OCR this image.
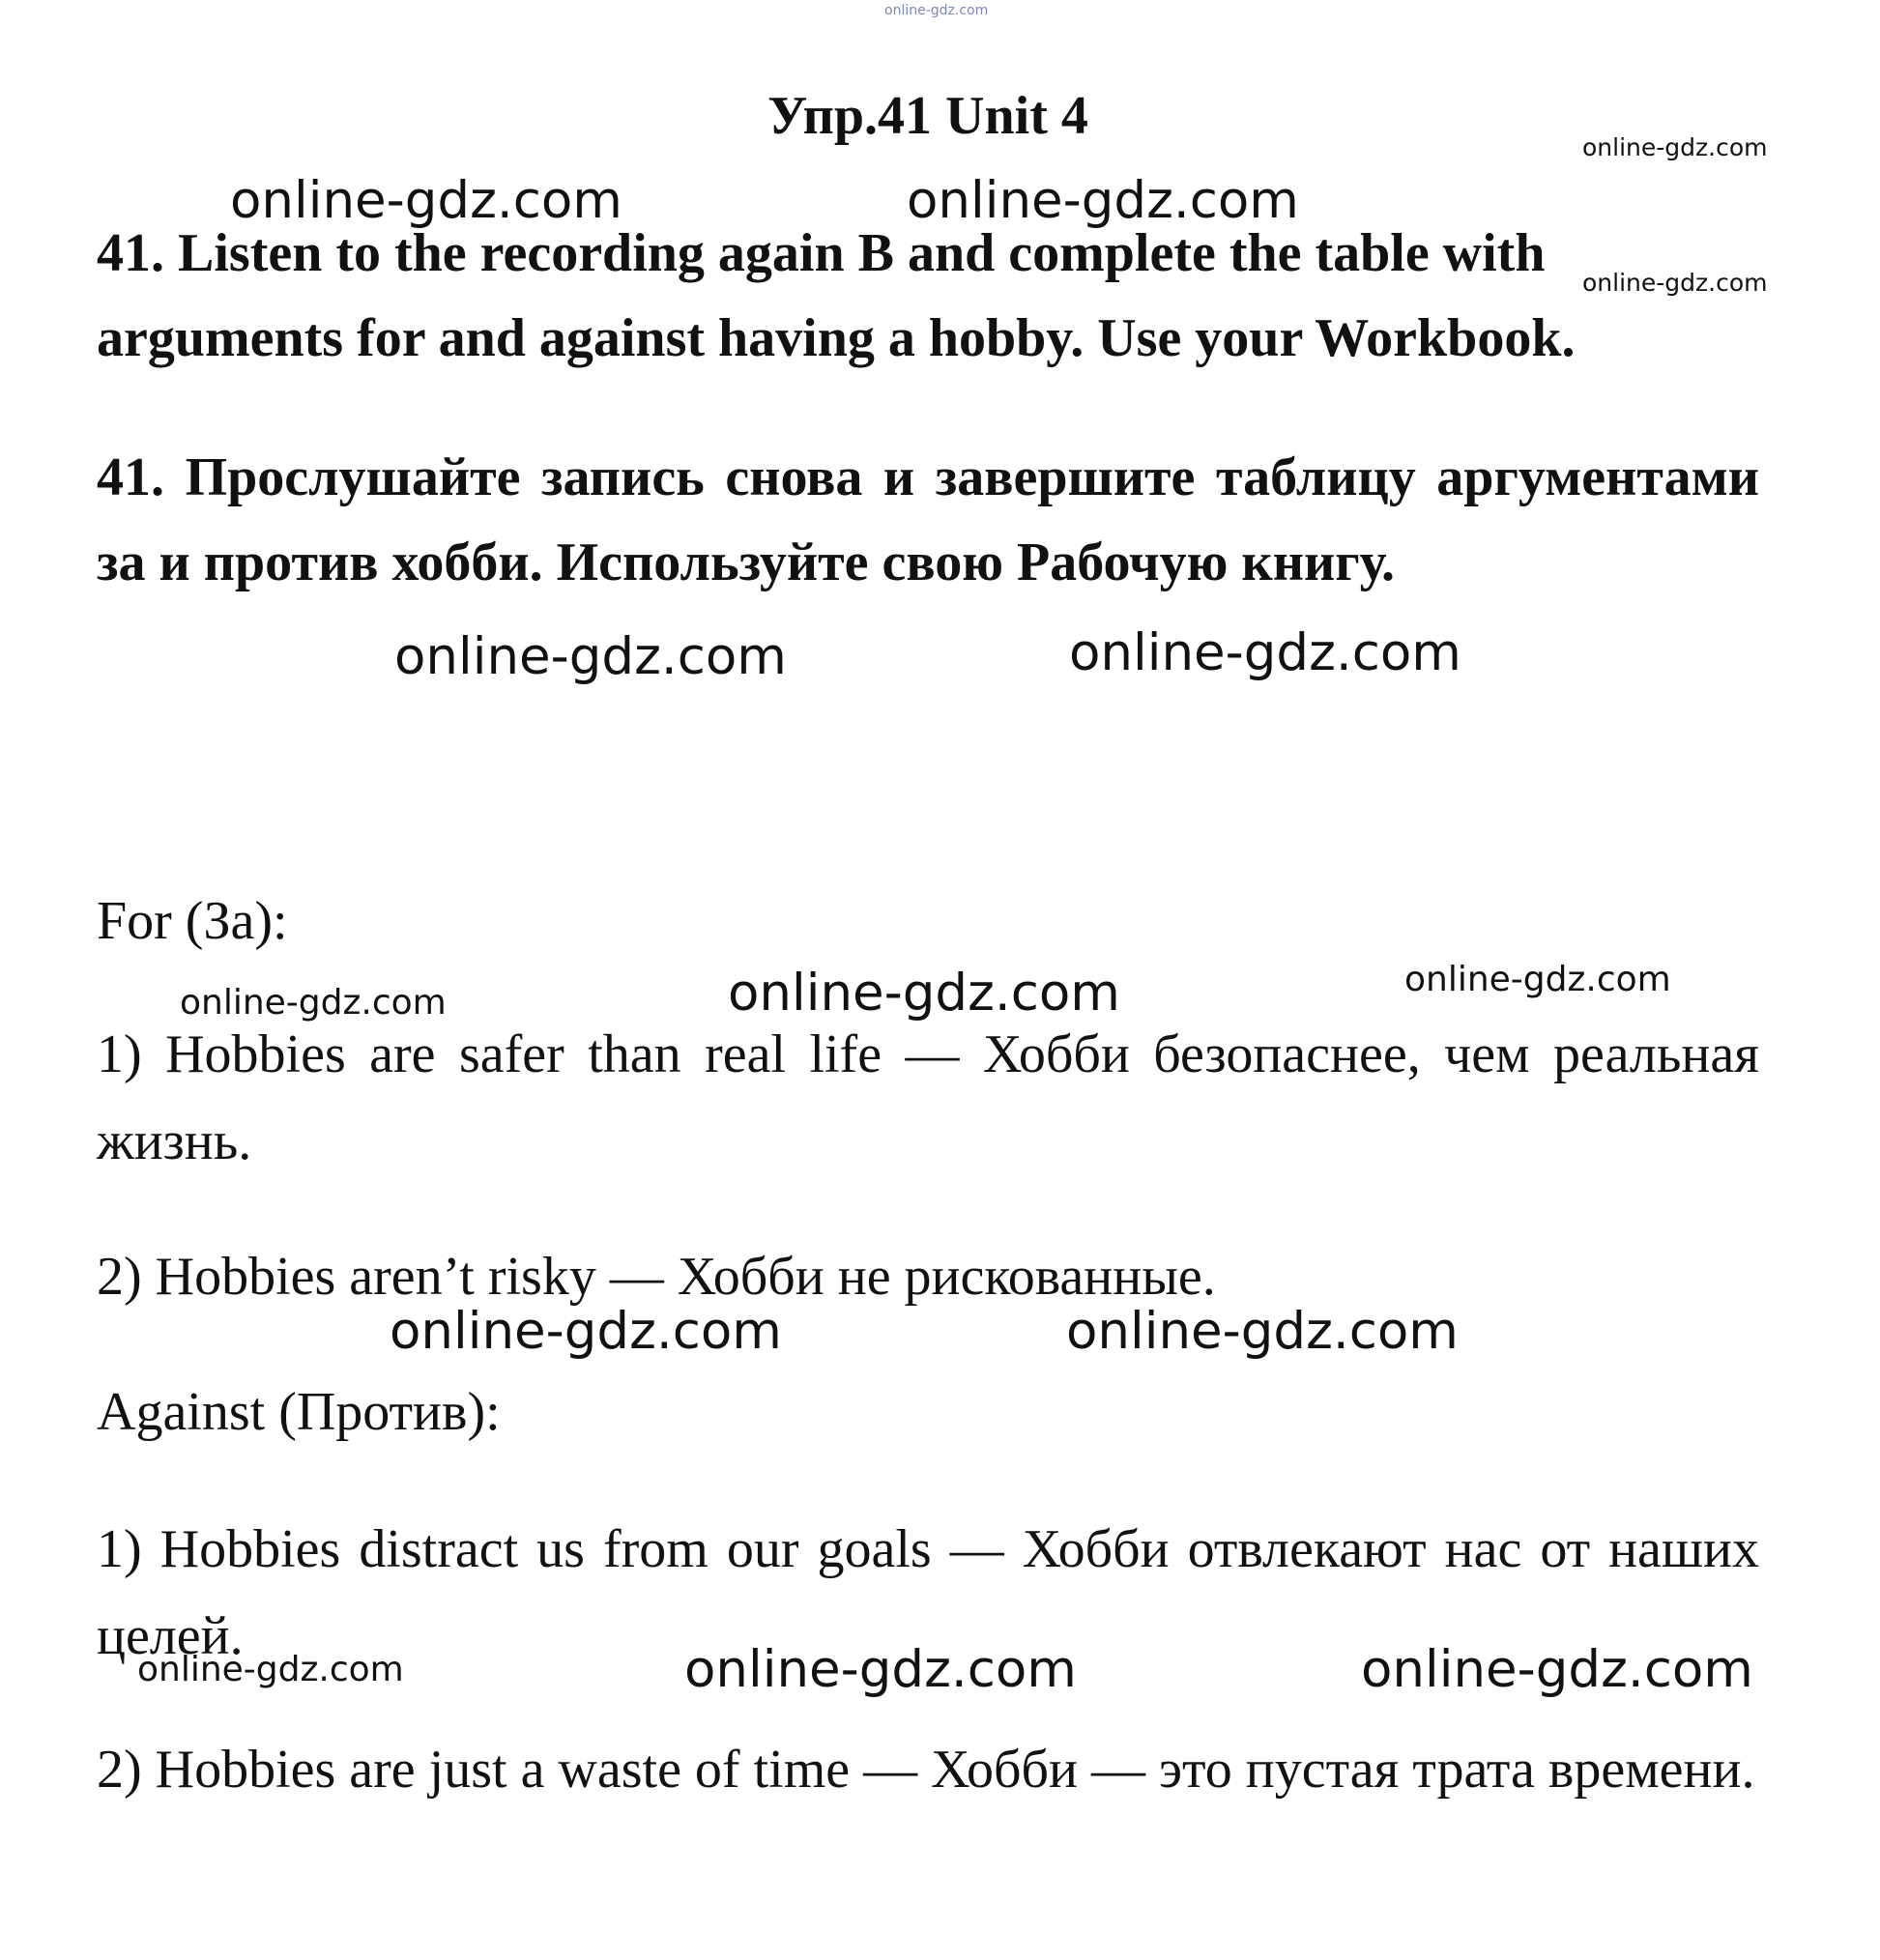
online-gdz.com
Упр.41 Unit 4
41. Listen to the recording again B and complete the table with arguments for and against having a hobby. Use your Workbook.
41. Прослушайте запись снова и завершите таблицу аргументами за и против хобби. Используйте свою Рабочую книгу.
For (За):
1) Hobbies are safer than real life — Хобби безопаснее, чем реальная жизнь.
2) Hobbies aren’t risky — Хобби не рискованные.
Against (Против):
1) Hobbies distract us from our goals — Хобби отвлекают нас от наших целей.
2) Hobbies are just a waste of time — Хобби — это пустая трата времени.
online-gdz.com
online-gdz.com	online-gdz.com
online-gdz.com
online-gdz.com	online-gdz.com
online-gdz.com
online-gdz.com
online-gdz.com
online-gdz.com	online-gdz.com
online-gdz.com	online-gdz.com	online-gdz.com
